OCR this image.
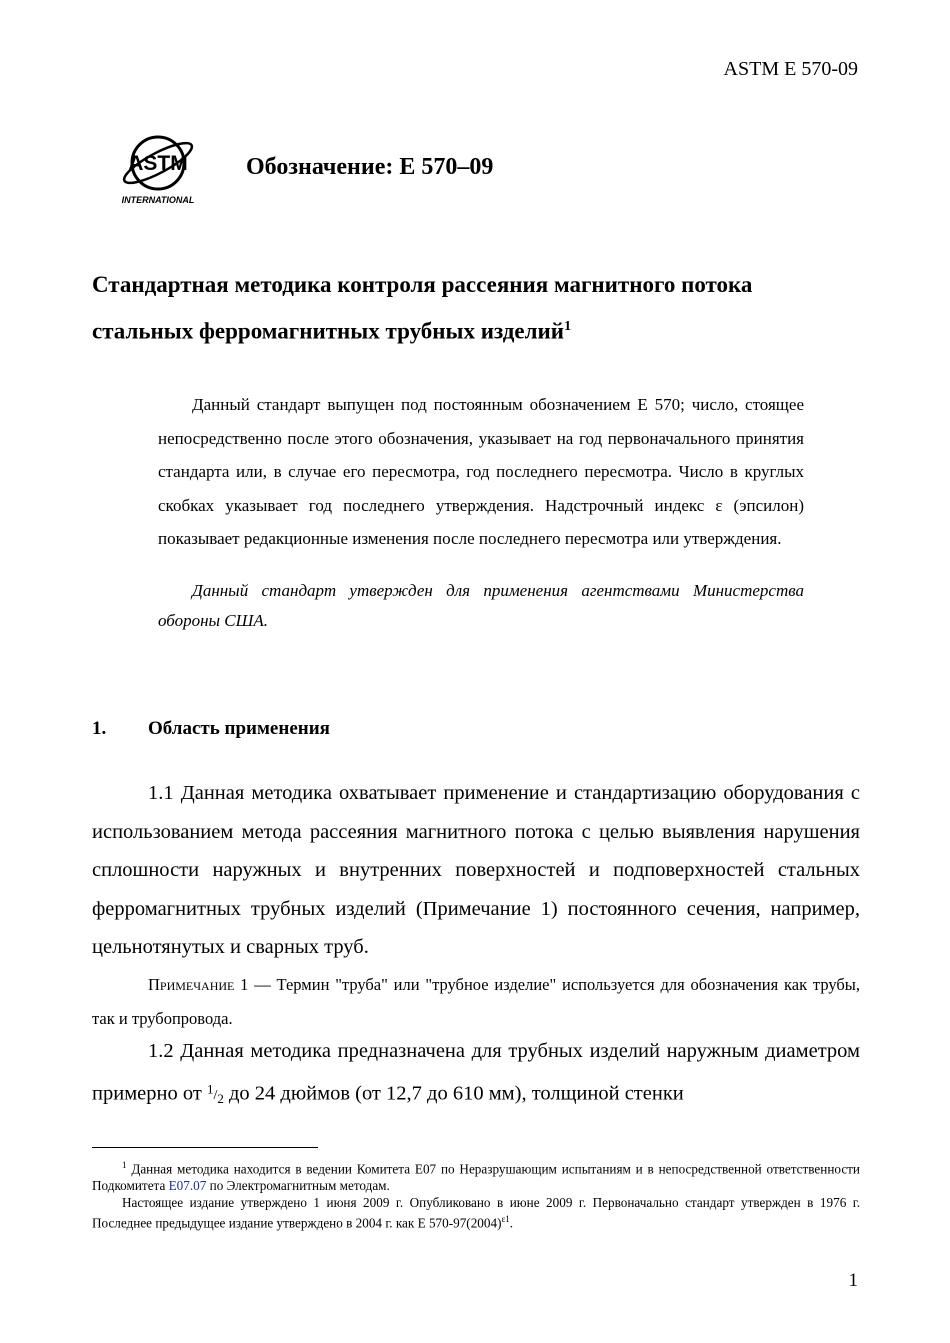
ASTM E 570-09
ASTM
INTERNATIONAL
Обозначение: E 570–09
Стандартная методика контроля рассеяния магнитного потока
стальных ферромагнитных трубных изделий$^1$

Данный стандарт выпущен под постоянным обозначением E 570; число, стоящее непосредственно после этого обозначения, указывает на год первоначального принятия стандарта или, в случае его пересмотра, год последнего пересмотра. Число в круглых скобках указывает год последнего утверждения. Надстрочный индекс ε (эпсилон) показывает редакционные изменения после последнего пересмотра или утверждения.

Данный стандарт утвержден для применения агентствами Министерства обороны США.

1. Область применения

1.1 Данная методика охватывает применение и стандартизацию оборудования с использованием метода рассеяния магнитного потока с целью выявления нарушения сплошности наружных и внутренних поверхностей и подповерхностей стальных ферромагнитных трубных изделий (Примечание 1) постоянного сечения, например, цельнотянутых и сварных труб.

Примечание 1 — Термин "труба" или "трубное изделие" используется для обозначения как трубы, так и трубопровода.

1.2 Данная методика предназначена для трубных изделий наружным диаметром примерно от $^1/_2$ до 24 дюймов (от 12,7 до 610 мм), толщиной стенки

$^1$ Данная методика находится в ведении Комитета E07 по Неразрушающим испытаниям и в непосредственной ответственности Подкомитета E07.07 по Электромагнитным методам.

Настоящее издание утверждено 1 июня 2009 г. Опубликовано в июне 2009 г. Первоначально стандарт утвержден в 1976 г. Последнее предыдущее издание утверждено в 2004 г. как E $570-97(2004)^{\varepsilon 1}$.

1
